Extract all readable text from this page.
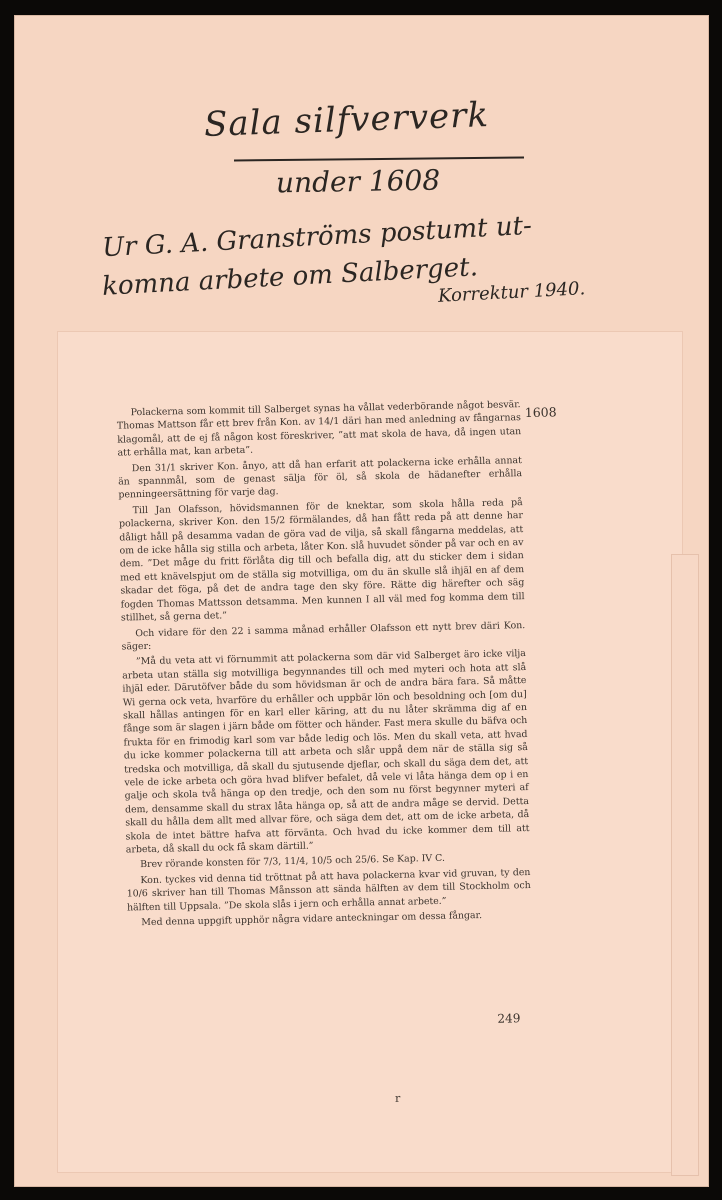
Sala silfververk
under 1608
Ur G. A. Granströms postumt ut-
komna arbete om Salberget.
Korrektur 1940.
1608

Polackerna som kommit till Salberget synas ha vållat vederbörande något besvär. Thomas Mattson får ett brev från Kon. av 14/1 däri han med anledning av fångarnas klagomål, att de ej få någon kost föreskriver, ”att mat skola de hava, då ingen utan att erhålla mat, kan arbeta”.

Den 31/1 skriver Kon. ånyo, att då han erfarit att polackerna icke erhålla annat än spannmål, som de genast sälja för öl, så skola de hädanefter erhålla penningeersättning för varje dag.

Till Jan Olafsson, hövidsmannen för de knektar, som skola hålla reda på polackerna, skriver Kon. den 15/2 förmälandes, då han fått reda på att denne har dåligt håll på desamma vadan de göra vad de vilja, så skall fångarna meddelas, att om de icke hålla sig stilla och arbeta, låter Kon. slå huvudet sönder på var och en av dem. ”Det måge du fritt förlåta dig till och befalla dig, att du sticker dem i sidan med ett knävelspjut om de ställa sig motvilliga, om du än skulle slå ihjäl en af dem skadar det föga, på det de andra tage den sky före. Rätte dig härefter och säg fogden Thomas Mattsson detsamma. Men kunnen I all väl med fog komma dem till stillhet, så gerna det.”

Och vidare för den 22 i samma månad erhåller Olafsson ett nytt brev däri Kon. säger:

”Må du veta att vi förnummit att polackerna som där vid Salberget äro icke vilja arbeta utan ställa sig motvilliga begynnandes till och med myteri och hota att slå ihjäl eder. Därutöfver både du som hövidsman är och de andra bära fara. Så måtte Wi gerna ock veta, hvarföre du erhåller och uppbär lön och besoldning och [om du] skall hållas antingen för en karl eller käring, att du nu låter skrämma dig af en fånge som är slagen i järn både om fötter och händer. Fast mera skulle du bäfva och frukta för en frimodig karl som var både ledig och lös. Men du skall veta, att hvad du icke kommer polackerna till att arbeta och slår uppå dem när de ställa sig så tredska och motvilliga, då skall du sjutusende djeflar, och skall du säga dem det, att vele de icke arbeta och göra hvad blifver befalet, då vele vi låta hänga dem op i en galje och skola två hänga op den tredje, och den som nu först begynner myteri af dem, densamme skall du strax låta hänga op, så att de andra måge se dervid. Detta skall du hålla dem allt med allvar före, och säga dem det, att om de icke arbeta, då skola de intet bättre hafva att förvänta. Och hvad du icke kommer dem till att arbeta, då skall du ock få skam därtill.”

Brev rörande konsten för 7/3, 11/4, 10/5 och 25/6. Se Kap. IV C.

Kon. tyckes vid denna tid tröttnat på att hava polackerna kvar vid gruvan, ty den 10/6 skriver han till Thomas Månsson att sända hälften av dem till Stockholm och hälften till Uppsala. ”De skola slås i jern och erhålla annat arbete.”

Med denna uppgift upphör några vidare anteckningar om dessa fångar.

249
r
